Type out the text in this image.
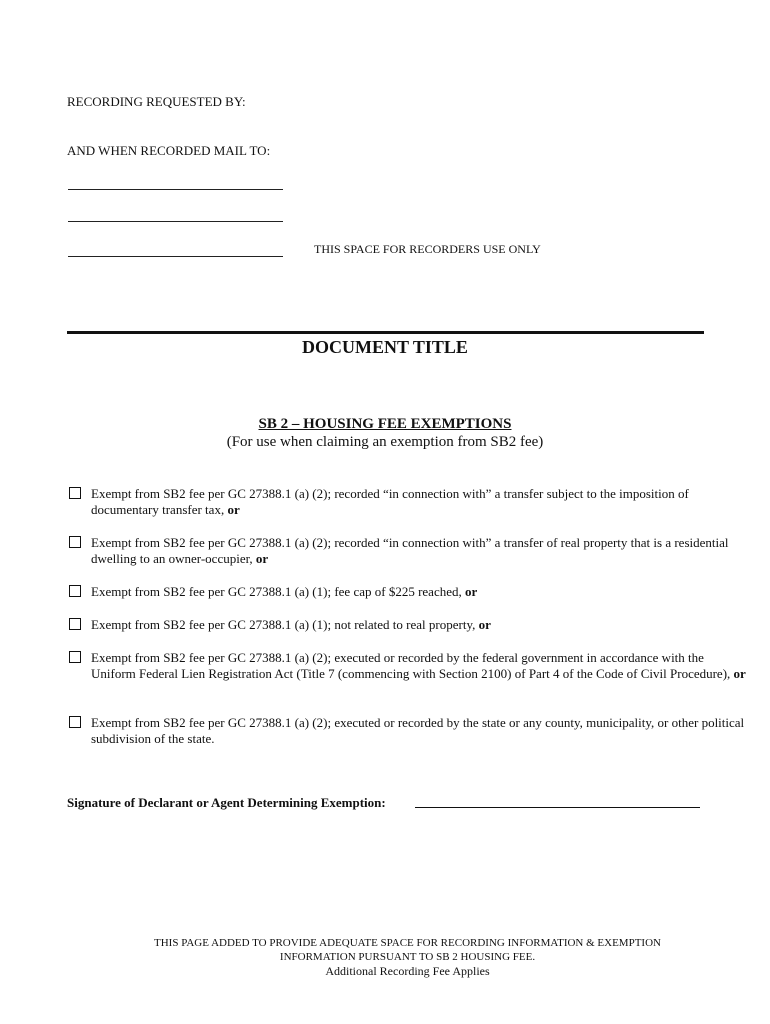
RECORDING REQUESTED BY:
AND WHEN RECORDED MAIL TO:
THIS SPACE FOR RECORDERS USE ONLY
DOCUMENT TITLE
SB 2 – HOUSING FEE EXEMPTIONS
(For use when claiming an exemption from SB2 fee)
Exempt from SB2 fee per GC 27388.1 (a) (2); recorded “in connection with” a transfer subject to the imposition of documentary transfer tax, or
Exempt from SB2 fee per GC 27388.1 (a) (2); recorded “in connection with” a transfer of real property that is a residential dwelling to an owner-occupier, or
Exempt from SB2 fee per GC 27388.1 (a) (1); fee cap of $225 reached, or
Exempt from SB2 fee per GC 27388.1 (a) (1); not related to real property, or
Exempt from SB2 fee per GC 27388.1 (a) (2); executed or recorded by the federal government in accordance with the Uniform Federal Lien Registration Act (Title 7 (commencing with Section 2100) of Part 4 of the Code of Civil Procedure), or
Exempt from SB2 fee per GC 27388.1 (a) (2); executed or recorded by the state or any county, municipality, or other political subdivision of the state.
Signature of Declarant or Agent Determining Exemption:
THIS PAGE ADDED TO PROVIDE ADEQUATE SPACE FOR RECORDING INFORMATION & EXEMPTION
INFORMATION PURSUANT TO SB 2 HOUSING FEE.
Additional Recording Fee Applies
